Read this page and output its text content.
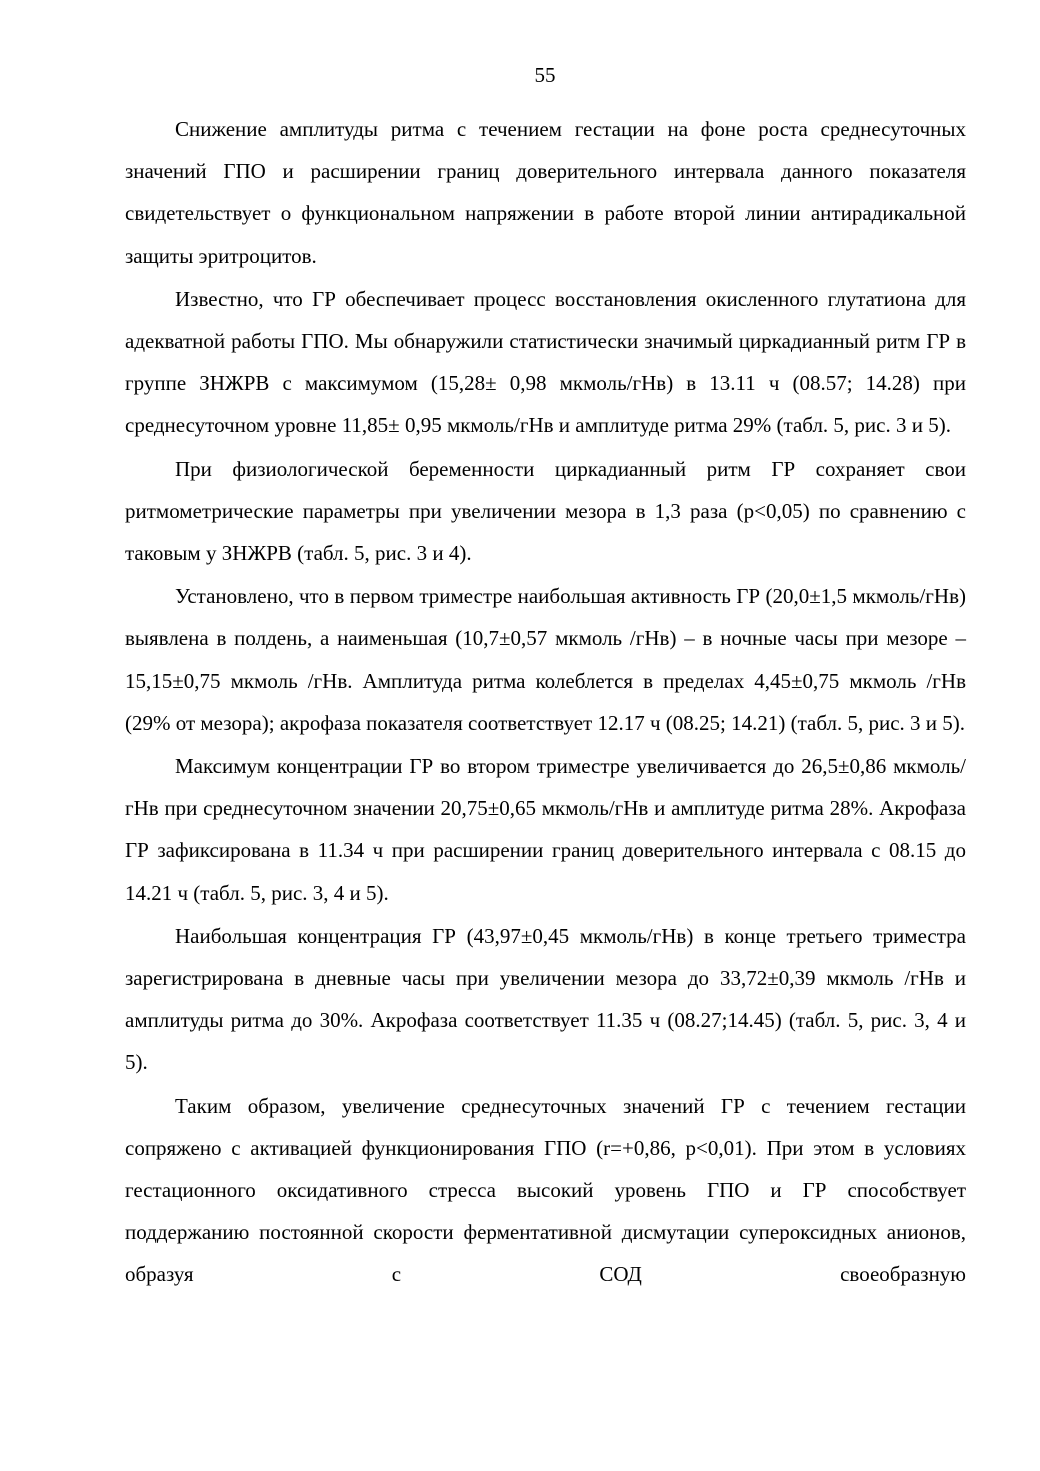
55

Снижение амплитуды ритма с течением гестации на фоне роста среднесуточных значений ГПО и расширении границ доверительного интервала данного показателя свидетельствует о функциональном напряжении в работе второй линии антирадикальной защиты эритроцитов.

Известно, что ГР обеспечивает процесс восстановления окисленного глутатиона для адекватной работы ГПО. Мы обнаружили статистически значимый циркадианный ритм ГР в группе ЗНЖРВ с максимумом (15,28± 0,98 мкмоль/гНв) в 13.11 ч (08.57; 14.28) при среднесуточном уровне 11,85± 0,95 мкмоль/гНв и амплитуде ритма 29% (табл. 5, рис. 3 и 5).

При физиологической беременности циркадианный ритм ГР сохраняет свои ритмометрические параметры при увеличении мезора в 1,3 раза (р<0,05) по сравнению с таковым у ЗНЖРВ (табл. 5, рис. 3 и 4).

Установлено, что в первом триместре наибольшая активность ГР (20,0±1,5 мкмоль/гНв) выявлена в полдень, а наименьшая (10,7±0,57 мкмоль /гНв) – в ночные часы при мезоре – 15,15±0,75 мкмоль /гНв. Амплитуда ритма колеблется в пределах 4,45±0,75 мкмоль /гНв (29% от мезора); акрофаза показателя соответствует 12.17 ч (08.25; 14.21) (табл. 5, рис. 3 и 5).

Максимум концентрации ГР во втором триместре увеличивается до 26,5±0,86 мкмоль/гНв при среднесуточном значении 20,75±0,65 мкмоль/гНв и амплитуде ритма 28%. Акрофаза ГР зафиксирована в 11.34 ч при расширении границ доверительного интервала с 08.15 до 14.21 ч (табл. 5, рис. 3, 4 и 5).

Наибольшая концентрация ГР (43,97±0,45 мкмоль/гНв) в конце третьего триместра зарегистрирована в дневные часы при увеличении мезора до 33,72±0,39 мкмоль /гНв и амплитуды ритма до 30%. Акрофаза соответствует 11.35 ч (08.27;14.45) (табл. 5, рис. 3, 4 и 5).

Таким образом, увеличение среднесуточных значений ГР с течением гестации сопряжено с активацией функционирования ГПО (r=+0,86, р<0,01). При этом в условиях гестационного оксидативного стресса высокий уровень ГПО и ГР способствует поддержанию постоянной скорости ферментативной дисмутации супероксидных анионов, образуя с СОД своеобразную
